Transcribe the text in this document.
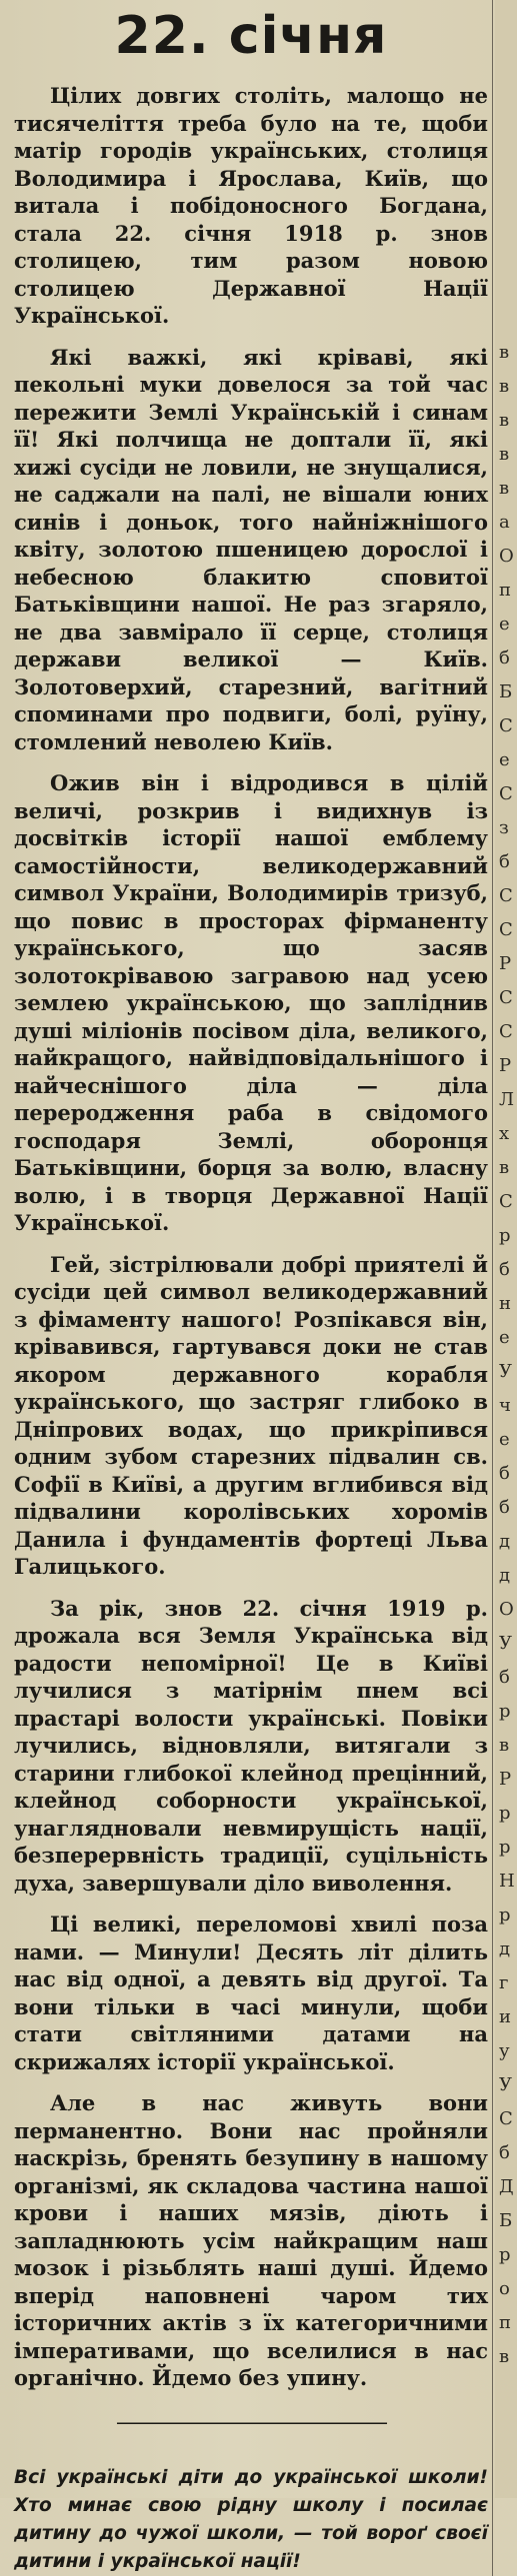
22. січня

Цілих довгих століть, малощо не тисячеліття треба було на те, щоби матір городів українських, столиця Володимира і Ярослава, Київ, що витала і побідоносного Богдана, стала 22. січня 1918 р. знов столицею, тим разом новою столицею Державної Нації Української.

Які важкі, які кріваві, які пекольні муки довелося за той час пережити Землі Українській і синам її! Які полчища не доптали її, які хижі сусіди не ловили, не знущалися, не саджали на палі, не вішали юних синів і доньок, того найніжнішого квіту, золотою пшеницею дорослої і небесною блакитю сповитої Батьківщини нашої. Не раз згаряло, не два завмірало її серце, столиця держави великої — Київ. Золотоверхий, старезний, вагітний споминами про подвиги, болі, руїну, стомлений неволею Київ.

Ожив він і відродився в цілій величі, розкрив і видихнув із досвітків історії нашої емблему самостійности, великодержавний символ України, Володимирів тризуб, що повис в просторах фірманенту українського, що засяв золотокрівавою загравою над усею землею українською, що запліднив душі міліонів посівом діла, великого, найкращого, найвідповідальнішого і найчеснішого діла — діла переродження раба в свідомого господаря Землі, оборонця Батьківщини, борця за волю, власну волю, і в творця Державної Нації Української.

Гей, зістрілювали добрі приятелі й сусіди цей символ великодержавний з фімаменту нашого! Розпікався він, крівавився, гартувався доки не став якором державного корабля українського, що застряг глибоко в Дніпрових водах, що прикріпився одним зубом старезних підвалин св. Софії в Київі, а другим вглибився від підвалини королівських хоромів Данила і фундаментів фортеці Льва Галицького.

За рік, знов 22. січня 1919 р. дрожала вся Земля Українська від радости непомірної! Це в Київі лучилися з матірнім пнем всі прастарі волости українські. Повіки лучились, відновляли, витягали з старини глибокої клейнод прецінний, клейнод соборности української, унаглядновали невмирущість нації, безперервність традиції, суцільність духа, завершували діло виволення.

Ці великі, переломові хвилі поза нами. — Минули! Десять літ ділить нас від одної, а девять від другої. Та вони тільки в часі минули, щоби стати світляними датами на скрижалях історії української.

Але в нас живуть вони перманентно. Вони нас пройняли наскрізь, бренять безупину в нашому організмі, як складова частина нашої крови і наших мязів, діють і запладнюють усім найкращим наш мозок і різьблять наші душі. Йдемо вперід наповнені чаром тих історичних актів з їх категоричними імперативами, що вселилися в нас органічно. Йдемо без упину.

———————————————

Всі українські діти до української школи! Хто минає свою рідну школу і посилає дитину до чужої школи, — той вороґ своєї дитини і української нації!

в
в
в
в
в
а
О
п
е
б
Б
С
е
С
з
б
С
С
Р
С
С
Р
Л
х
в
С
р
б
н
е
У
ч
е
б
б
д
д
О
У
б
р
в
Р
р
р
Н
р
д
г
и
у
У
С
б
Д
Б
р
о
п
в
